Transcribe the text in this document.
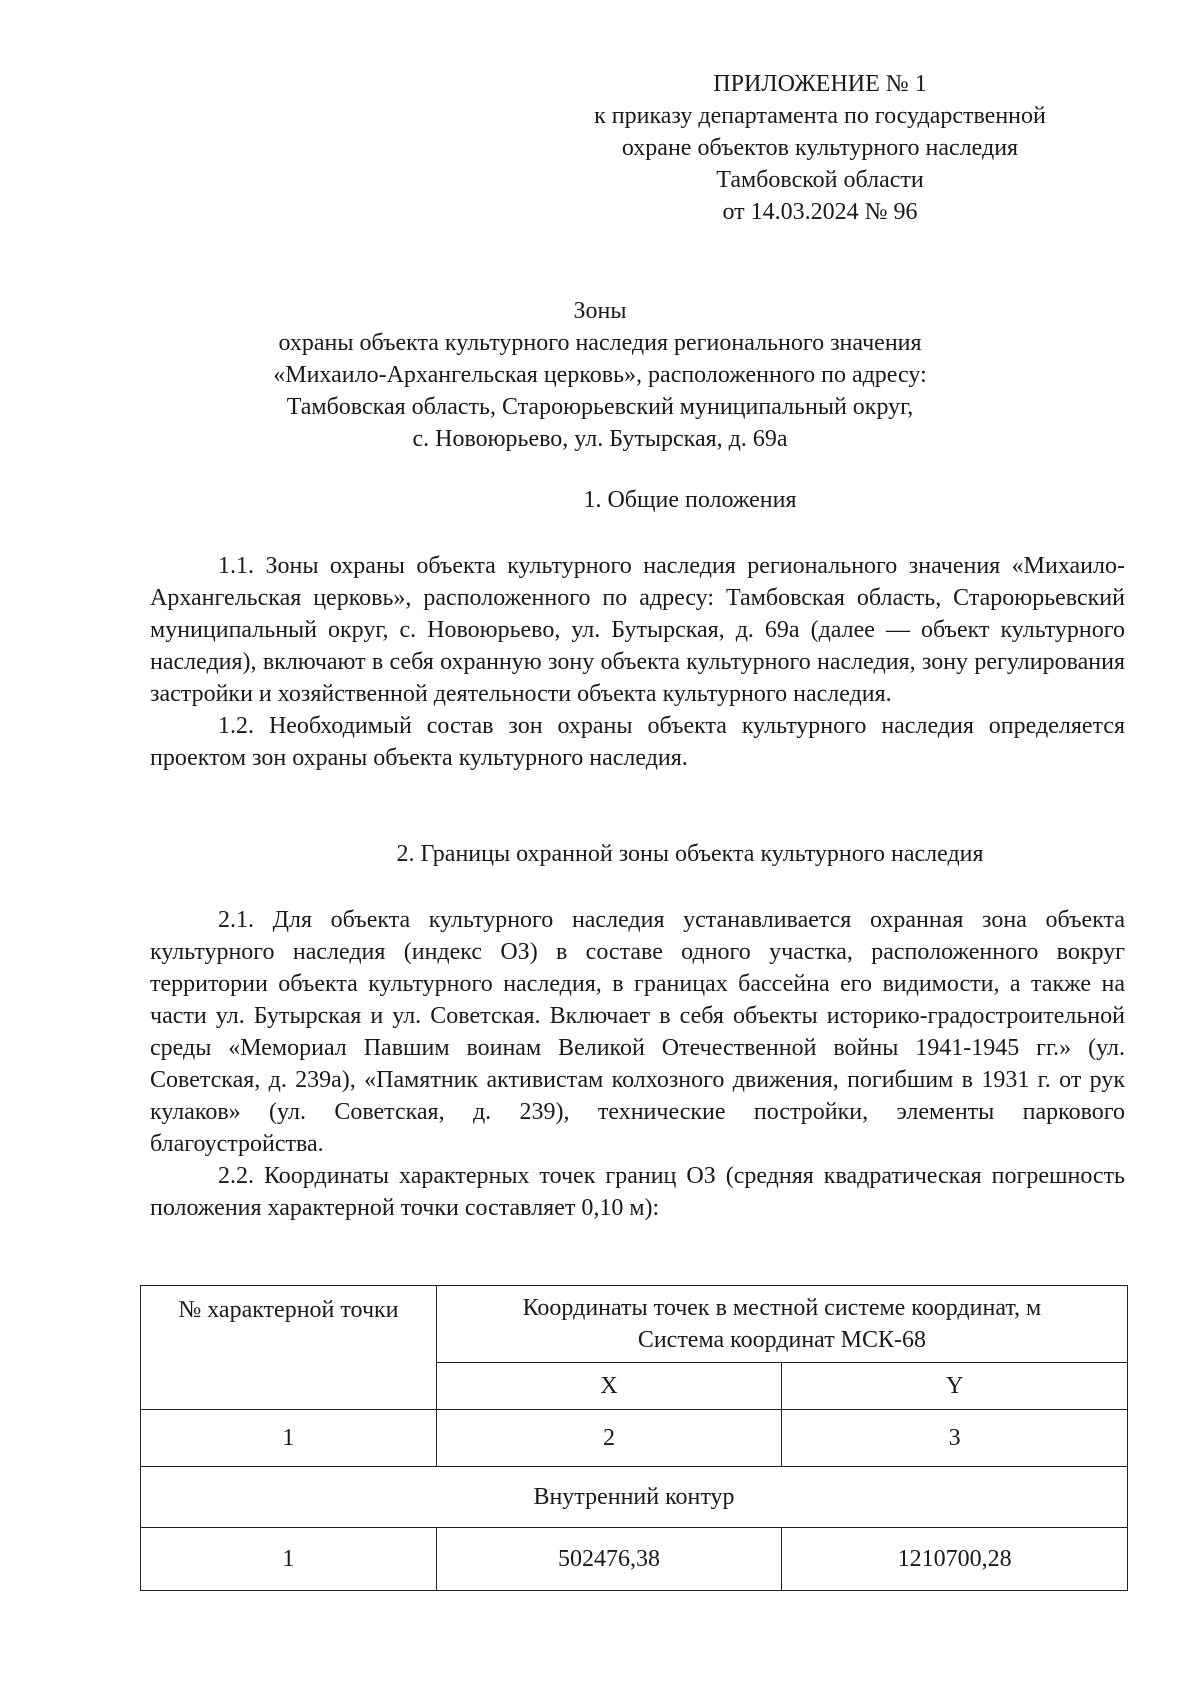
ПРИЛОЖЕНИЕ № 1
к приказу департамента по государственной
охране объектов культурного наследия
Тамбовской области
от 14.03.2024 № 96
Зоны
охраны объекта культурного наследия регионального значения
«Михаило-Архангельская церковь», расположенного по адресу:
Тамбовская область, Староюрьевский муниципальный округ,
с. Новоюрьево, ул. Бутырская, д. 69а
1. Общие положения

1.1. Зоны охраны объекта культурного наследия регионального значения «Михаило-Архангельская церковь», расположенного по адресу: Тамбовская область, Староюрьевский муниципальный округ, с. Новоюрьево, ул. Бутырская, д. 69а (далее — объект культурного наследия), включают в себя охранную зону объекта культурного наследия, зону регулирования застройки и хозяйственной деятельности объекта культурного наследия.

1.2. Необходимый состав зон охраны объекта культурного наследия определяется проектом зон охраны объекта культурного наследия.

2. Границы охранной зоны объекта культурного наследия

2.1. Для объекта культурного наследия устанавливается охранная зона объекта культурного наследия (индекс ОЗ) в составе одного участка, расположенного вокруг территории объекта культурного наследия, в границах бассейна его видимости, а также на части ул. Бутырская и ул. Советская. Включает в себя объекты историко-градостроительной среды «Мемориал Павшим воинам Великой Отечественной войны 1941-1945 гг.» (ул. Советская, д. 239а), «Памятник активистам колхозного движения, погибшим в 1931 г. от рук кулаков» (ул. Советская, д. 239), технические постройки, элементы паркового благоустройства.

2.2. Координаты характерных точек границ ОЗ (средняя квадратическая погрешность положения характерной точки составляет 0,10 м):

№ характерной точки	Координаты точек в местной системе координат, м
Система координат МСК-68	

	X	Y
1	2	3
Внутренний контур		
1	502476,38	1210700,28
